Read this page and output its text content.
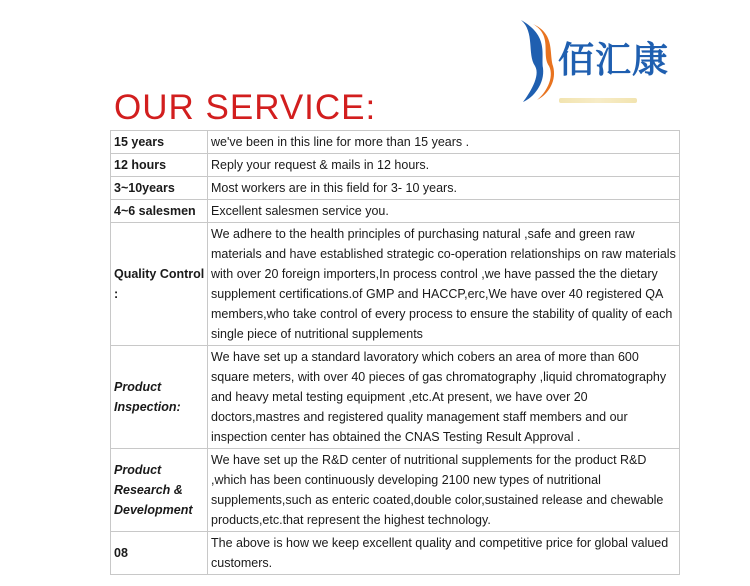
佰汇康
OUR SERVICE:
15 years	we've been in this line for more than 15 years .
12 hours	Reply your request & mails in 12 hours.
3~10years	Most workers are in this field for 3- 10 years.
4~6 salesmen	Excellent salesmen service you.
Quality Control :	We adhere to the health principles of purchasing natural ,safe and green raw materials and have established strategic co-operation relationships on raw materials with over 20 foreign importers,In process control ,we have passed the the dietary supplement certifications.of GMP and HACCP,erc,We have over 40 registered QA members,who take control of every process to ensure the stability of quality of each single piece of nutritional supplements
Product Inspection:	We have set up a standard lavoratory which cobers an area of more than 600 square meters, with over 40 pieces of gas chromatography ,liquid chromatography and heavy metal testing equipment ,etc.At present, we have over 20 doctors,mastres and registered quality management staff members and our inspection center has obtained the CNAS Testing Result Approval .
Product Research & Development	We have set up the R&D center of nutritional supplements for the product R&D ,which has been continuously developing 2100 new types of nutritional supplements,such as enteric coated,double color,sustained release and chewable products,etc.that represent the highest technology.
08	The above is how we keep excellent quality and competitive price for global valued customers.
